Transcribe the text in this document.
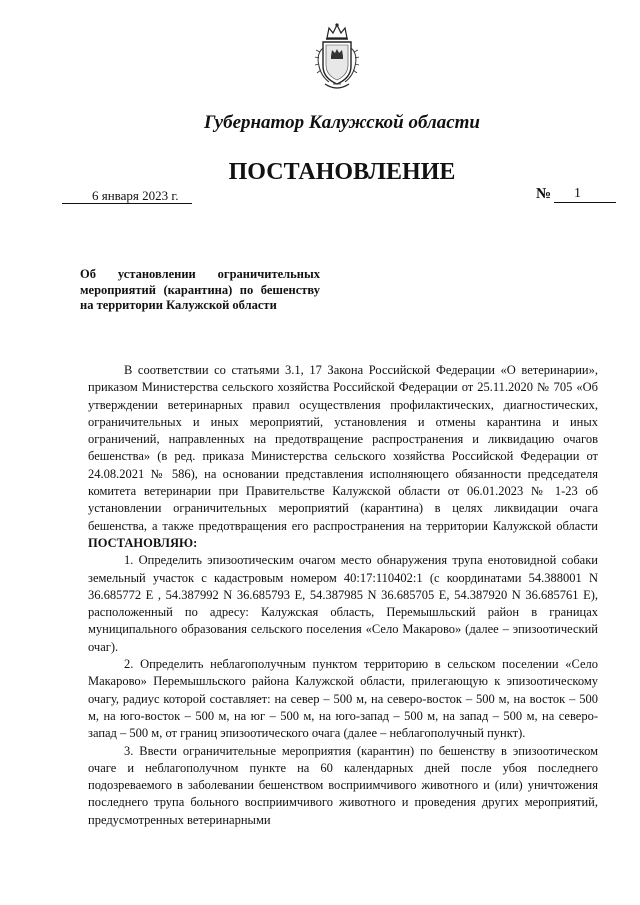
Губернатор Калужской области
ПОСТАНОВЛЕНИЕ
6 января 2023 г.	№	1
Об установлении ограничительных мероприятий (карантина) по бешенству на территории Калужской области

В соответствии со статьями 3.1, 17 Закона Российской Федерации «О ветеринарии», приказом Министерства сельского хозяйства Российской Федерации от 25.11.2020 № 705 «Об утверждении ветеринарных правил осуществления профилактических, диагностических, ограничительных и иных мероприятий, установления и отмены карантина и иных ограничений, направленных на предотвращение распространения и ликвидацию очагов бешенства» (в ред. приказа Министерства сельского хозяйства Российской Федерации от 24.08.2021 № 586), на основании представления исполняющего обязанности председателя комитета ветеринарии при Правительстве Калужской области от 06.01.2023 № 1-23 об установлении ограничительных мероприятий (карантина) в целях ликвидации очага бешенства, а также предотвращения его распространения на территории Калужской области ПОСТАНОВЛЯЮ:

1. Определить эпизоотическим очагом место обнаружения трупа енотовидной собаки земельный участок с кадастровым номером 40:17:110402:1 (с координатами 54.388001 N 36.685772 E , 54.387992 N 36.685793 E, 54.387985 N 36.685705 E, 54.387920 N 36.685761 E), расположенный по адресу: Калужская область, Перемышльский район в границах муниципального образования сельского поселения «Село Макарово» (далее – эпизоотический очаг).

2. Определить неблагополучным пунктом территорию в сельском поселении «Село Макарово» Перемышльского района Калужской области, прилегающую к эпизоотическому очагу, радиус которой составляет: на север – 500 м, на северо-восток – 500 м, на восток – 500 м, на юго-восток – 500 м, на юг – 500 м, на юго-запад – 500 м, на запад – 500 м, на северо-запад – 500 м, от границ эпизоотического очага (далее – неблагополучный пункт).

3. Ввести ограничительные мероприятия (карантин) по бешенству в эпизоотическом очаге и неблагополучном пункте на 60 календарных дней после убоя последнего подозреваемого в заболевании бешенством восприимчивого животного и (или) уничтожения последнего трупа больного восприимчивого животного и проведения других мероприятий, предусмотренных ветеринарными
